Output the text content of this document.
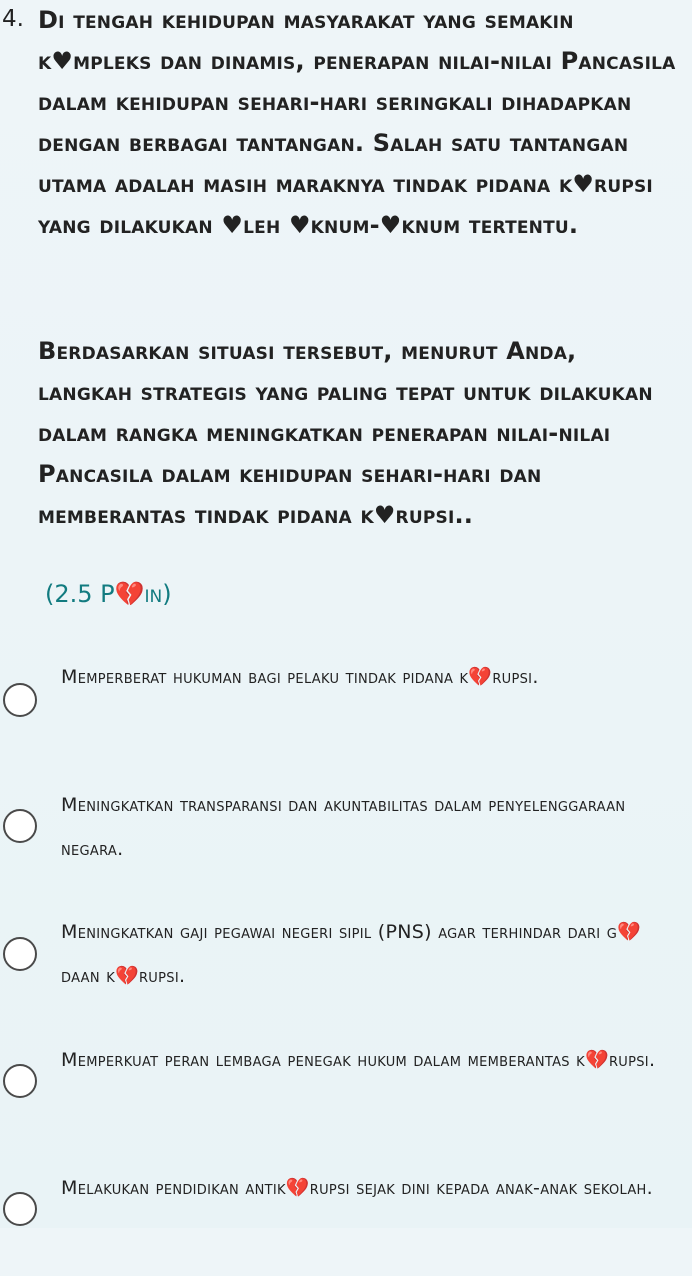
4. Di tengah kehidupan masyarakat yang semakin k♥mpleks dan dinamis, penerapan nilai-nilai Pancasila dalam kehidupan sehari-hari seringkali dihadapkan dengan berbagai tantangan. Salah satu tantangan utama adalah masih maraknya tindak pidana k♥rupsi yang dilakukan ♥leh ♥knum-♥knum tertentu.

Berdasarkan situasi tersebut, menurut Anda, langkah strategis yang paling tepat untuk dilakukan dalam rangka meningkatkan penerapan nilai-nilai Pancasila dalam kehidupan sehari-hari dan memberantas tindak pidana k♥rupsi..

(2.5 P💔in)
Memperberat hukuman bagi pelaku tindak pidana k💔rupsi.
Meningkatkan transparansi dan akuntabilitas dalam penyelenggaraan negara.
Meningkatkan gaji pegawai negeri sipil (PNS) agar terhindar dari g💔daan k💔rupsi.
Memperkuat peran lembaga penegak hukum dalam memberantas k💔rupsi.
Melakukan pendidikan antik💔rupsi sejak dini kepada anak-anak sekolah.
